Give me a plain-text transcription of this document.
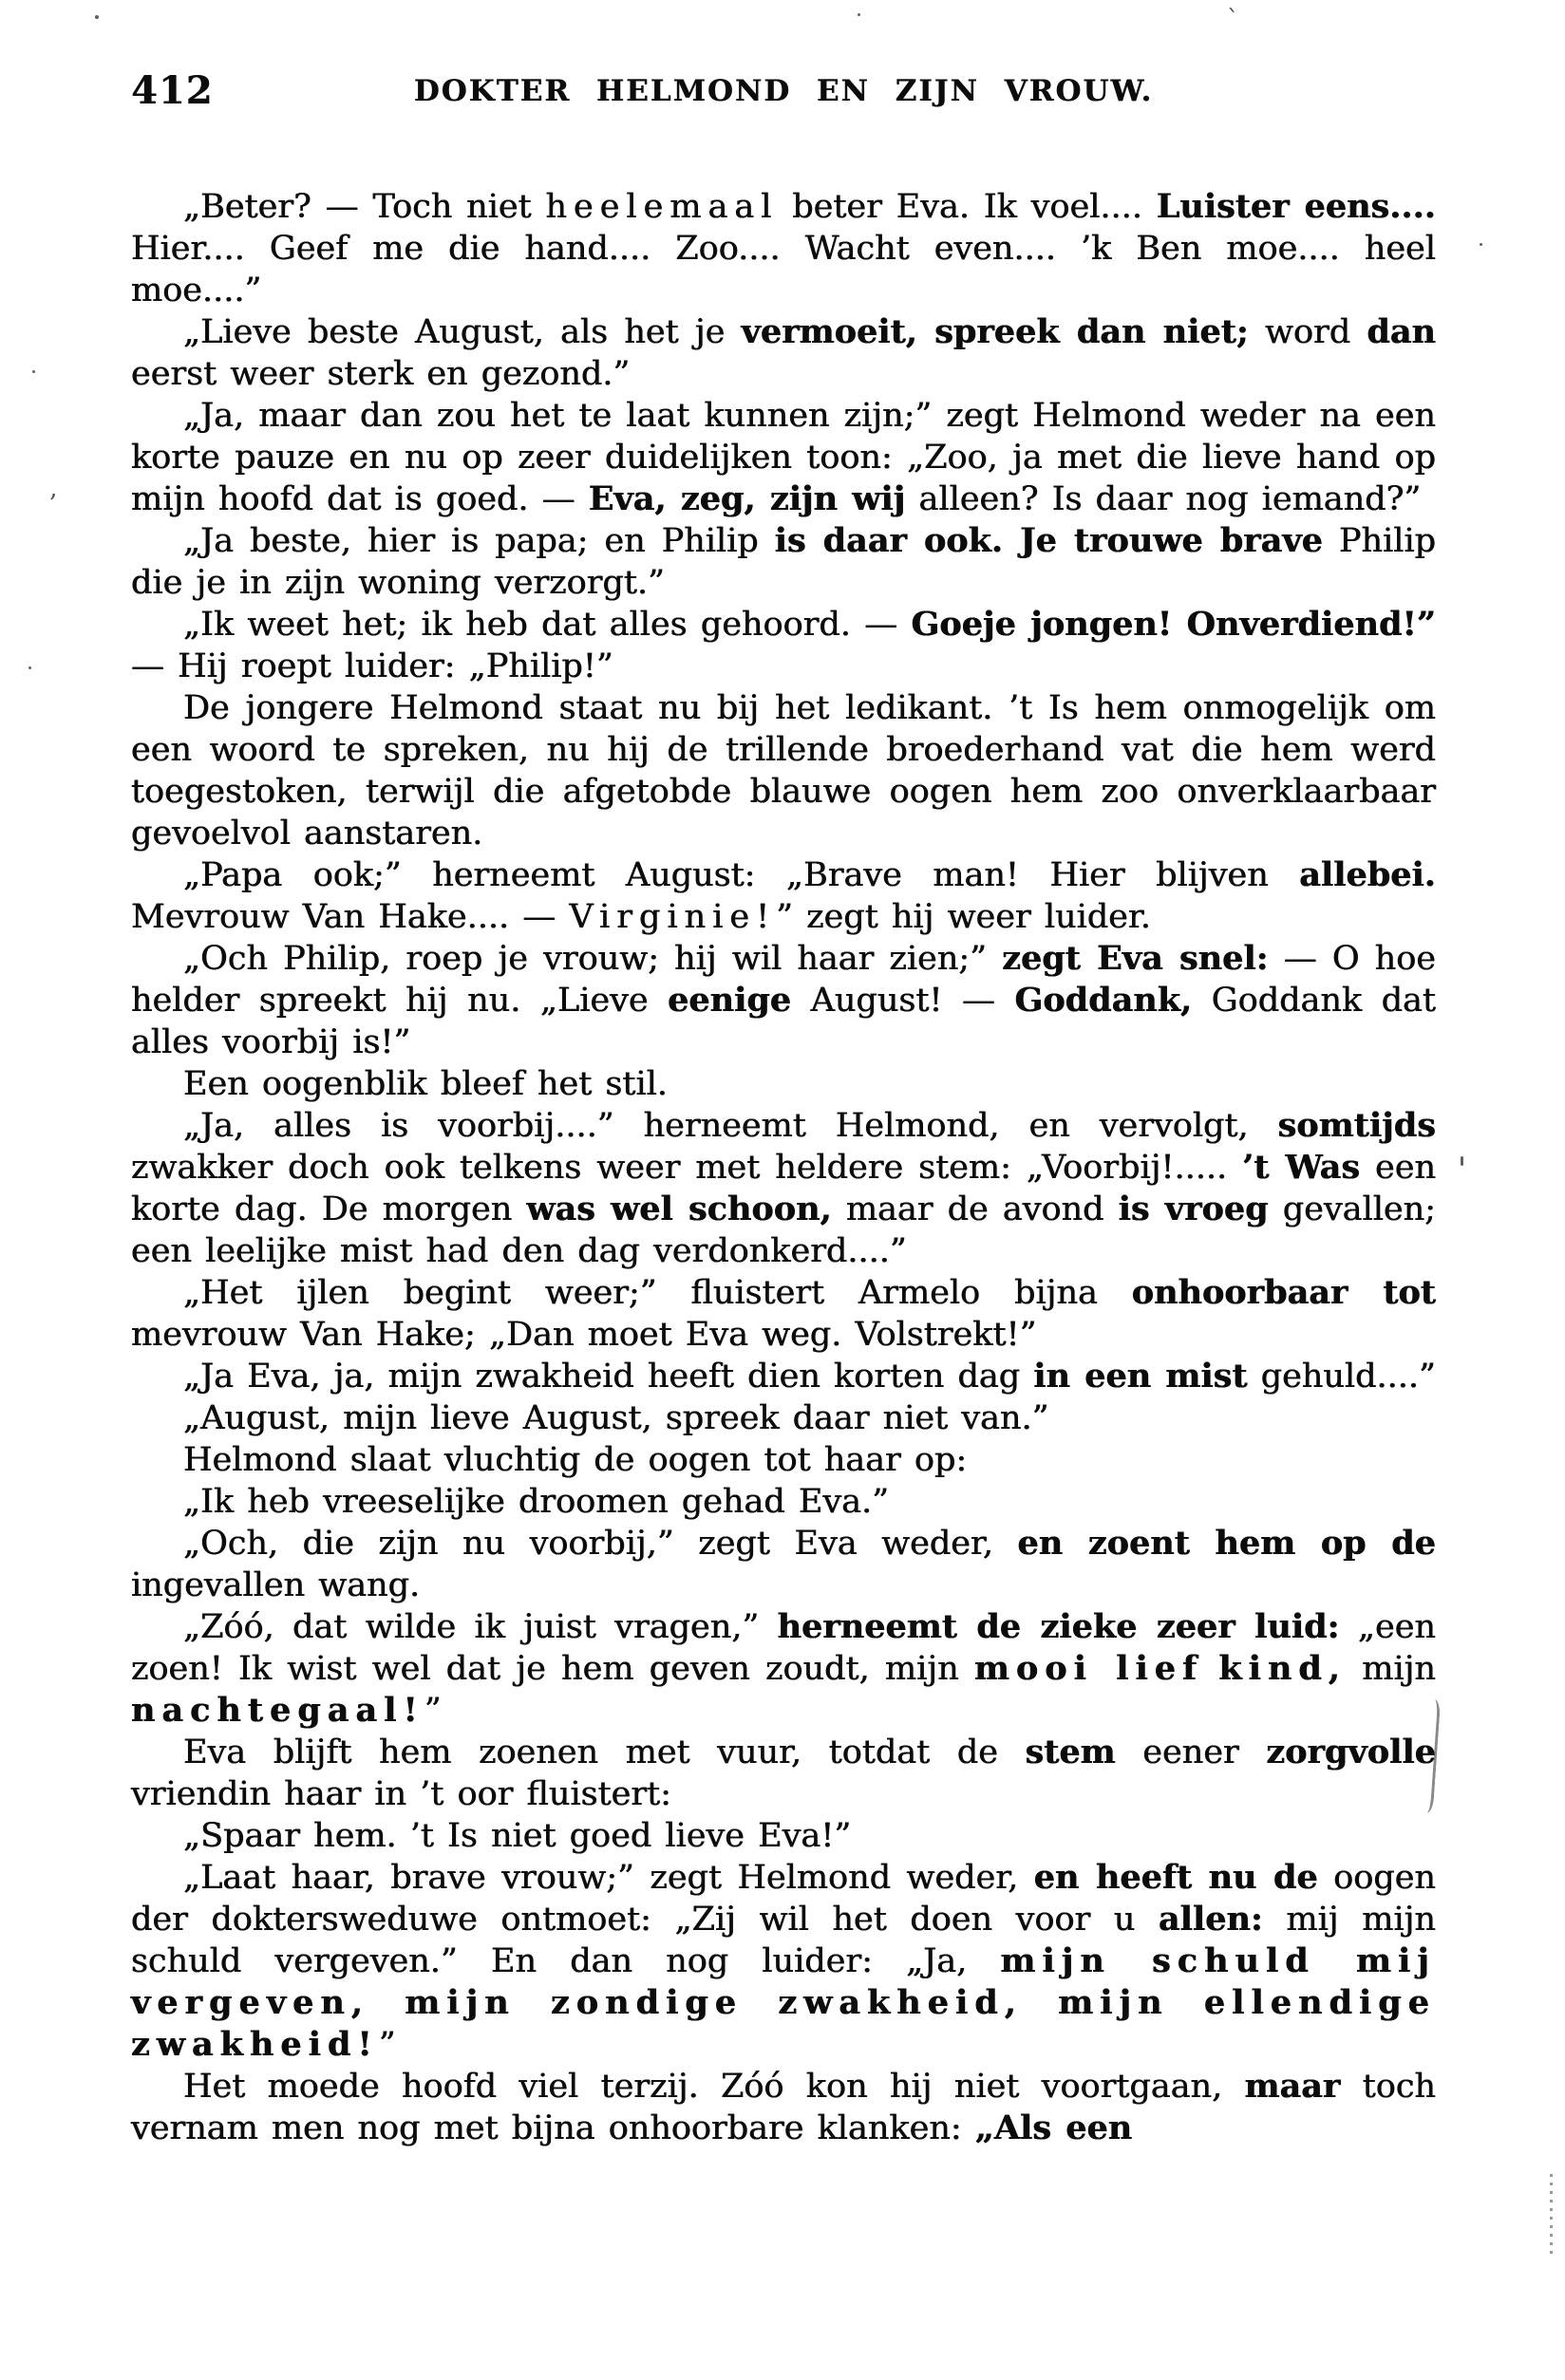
412	DOKTER HELMOND EN ZIJN VROUW.

„Beter? — Toch niet heelemaal beter Eva. Ik voel.... Luister eens.... Hier.... Geef me die hand.... Zoo.... Wacht even.... ’k Ben moe.... heel moe....”

„Lieve beste August, als het je vermoeit, spreek dan niet; word dan eerst weer sterk en gezond.”

„Ja, maar dan zou het te laat kunnen zijn;” zegt Helmond weder na een korte pauze en nu op zeer duidelijken toon: „Zoo, ja met die lieve hand op mijn hoofd dat is goed. — Eva, zeg, zijn wij alleen? Is daar nog iemand?”

„Ja beste, hier is papa; en Philip is daar ook. Je trouwe brave Philip die je in zijn woning verzorgt.”

„Ik weet het; ik heb dat alles gehoord. — Goeje jongen! Onverdiend!” — Hij roept luider: „Philip!”

De jongere Helmond staat nu bij het ledikant. ’t Is hem onmogelijk om een woord te spreken, nu hij de trillende broederhand vat die hem werd toegestoken, terwijl die afgetobde blauwe oogen hem zoo onverklaarbaar gevoelvol aanstaren.

„Papa ook;” herneemt August: „Brave man! Hier blijven allebei. Mevrouw Van Hake.... — Virginie!” zegt hij weer luider.

„Och Philip, roep je vrouw; hij wil haar zien;” zegt Eva snel: — O hoe helder spreekt hij nu. „Lieve eenige August! — Goddank, Goddank dat alles voorbij is!”

Een oogenblik bleef het stil.

„Ja, alles is voorbij....” herneemt Helmond, en vervolgt, somtijds zwakker doch ook telkens weer met heldere stem: „Voorbij!..... ’t Was een korte dag. De morgen was wel schoon, maar de avond is vroeg gevallen; een leelijke mist had den dag verdonkerd....”

„Het ijlen begint weer;” fluistert Armelo bijna onhoorbaar tot mevrouw Van Hake; „Dan moet Eva weg. Volstrekt!”

„Ja Eva, ja, mijn zwakheid heeft dien korten dag in een mist gehuld....”

„August, mijn lieve August, spreek daar niet van.”

Helmond slaat vluchtig de oogen tot haar op:

„Ik heb vreeselijke droomen gehad Eva.”

„Och, die zijn nu voorbij,” zegt Eva weder, en zoent hem op de ingevallen wang.

„Zóó, dat wilde ik juist vragen,” herneemt de zieke zeer luid: „een zoen! Ik wist wel dat je hem geven zoudt, mijn mooi lief kind, mijn nachtegaal!”

Eva blijft hem zoenen met vuur, totdat de stem eener zorgvolle vriendin haar in ’t oor fluistert:

„Spaar hem. ’t Is niet goed lieve Eva!”

„Laat haar, brave vrouw;” zegt Helmond weder, en heeft nu de oogen der doktersweduwe ontmoet: „Zij wil het doen voor u allen: mij mijn schuld vergeven.” En dan nog luider: „Ja, mijn schuld mij vergeven, mijn zondige zwakheid, mijn ellendige zwakheid!”

Het moede hoofd viel terzij. Zóó kon hij niet voortgaan, maar toch vernam men nog met bijna onhoorbare klanken: „Als een

`
‚
